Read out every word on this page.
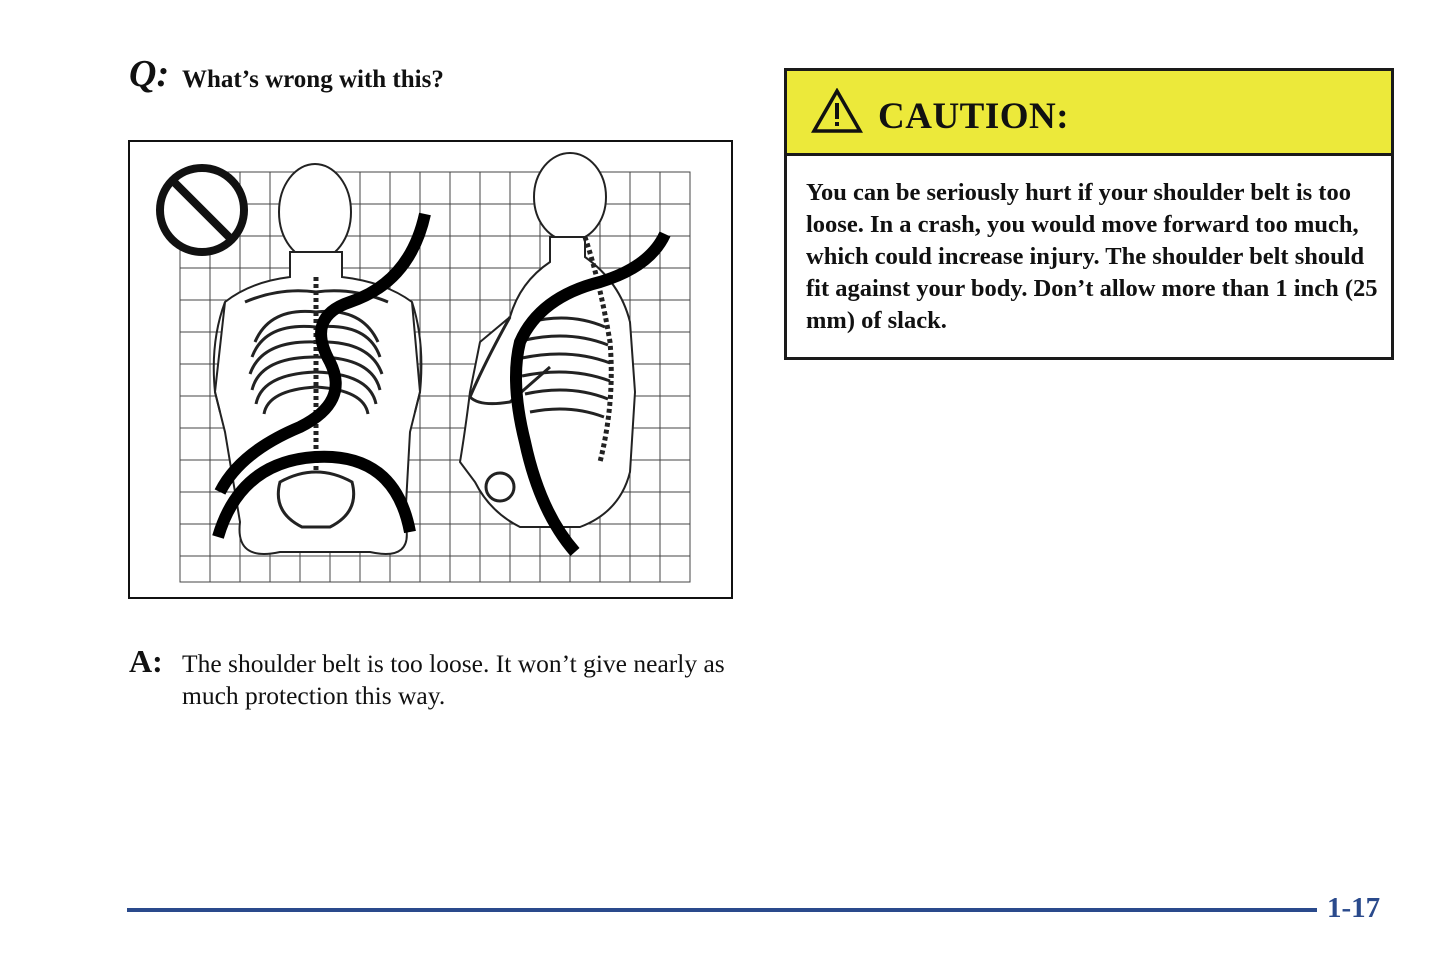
Q: What’s wrong with this?
A: The shoulder belt is too loose. It won’t give nearly as much protection this way.
CAUTION:
You can be seriously hurt if your shoulder belt is too loose. In a crash, you would move forward too much, which could increase injury. The shoulder belt should fit against your body. Don’t allow more than 1 inch (25 mm) of slack.
1-17
